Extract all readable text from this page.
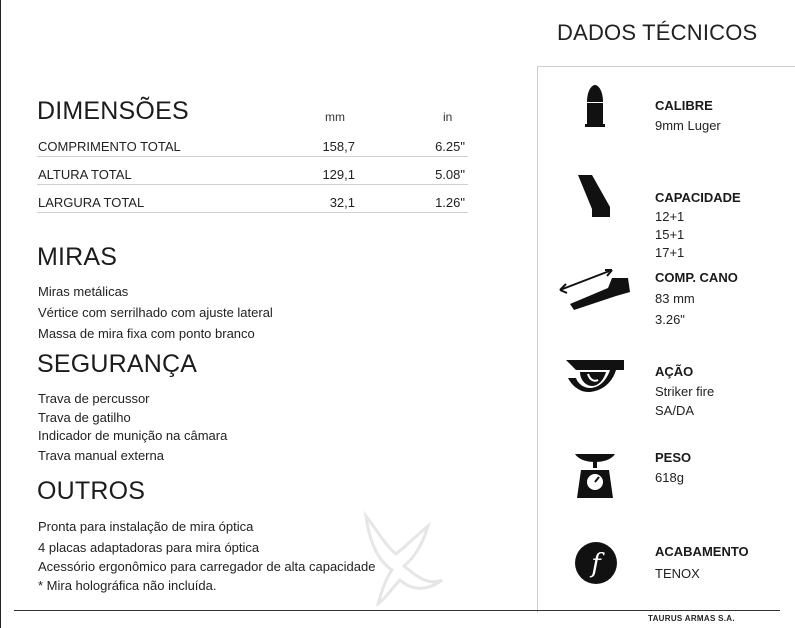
DADOS TÉCNICOS
DIMENSÕES	mm	in
COMPRIMENTO TOTAL	158,7	6.25"
ALTURA TOTAL	129,1	5.08"
LARGURA TOTAL	32,1	1.26"
MIRAS
Miras metálicas
Vértice com serrilhado com ajuste lateral
Massa de mira fixa com ponto branco
SEGURANÇA
Trava de percussor
Trava de gatilho
Indicador de munição na câmara
Trava manual externa
OUTROS
Pronta para instalação de mira óptica
4 placas adaptadoras para mira óptica
Acessório ergonômico para carregador de alta capacidade
* Mira holográfica não incluída.
f
CALIBRE
9mm Luger
CAPACIDADE
12+1
15+1
17+1
COMP. CANO
83 mm
3.26"
AÇÃO
Striker fire
SA/DA
PESO
618g
ACABAMENTO
TENOX
TAURUS ARMAS S.A.
